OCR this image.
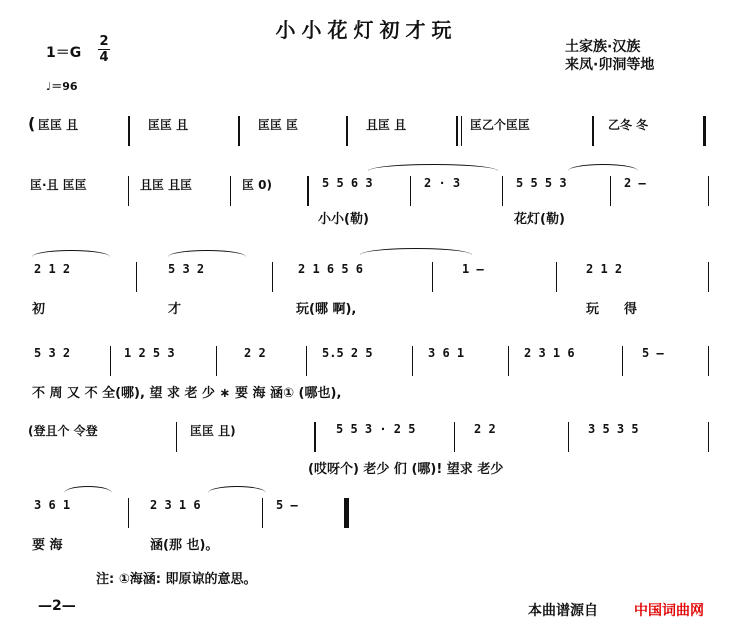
小小花灯初才玩
土家族·汉族
来凤·卯洞等地
1＝G
2
4
♩＝96
( 匡匡 且	匡匡 且	匡匡 匡	且匡 且	匡乙个匡匡	乙冬 冬
匡·且 匡匡	且匡 且匡	匡 0)	5 5 6 3	2 · 3	5 5 5 3	2 —
小小(勒)	花灯(勒)
2 1 2	5 3 2	2 1 6 5 6	1 —	2 1 2
初	才	玩(哪 啊),	玩 得
5 3 2	1 2 5 3	2 2	5.5 2 5	3 6 1	2 3 1 6	5 —
不 周 又 不 全(哪), 望 求 老 少 ∗ 要 海 涵① (哪也),
(登且个 令登	匡匡 且)	5 5 3 · 2 5	2 2	3 5 3 5
(哎呀个) 老少 们 (哪)! 望求 老少
3 6 1	2 3 1 6	5 —
要 海	涵(那 也)。
注: ①海涵: 即原谅的意思。
—2—	本曲谱源自	中国词曲网
